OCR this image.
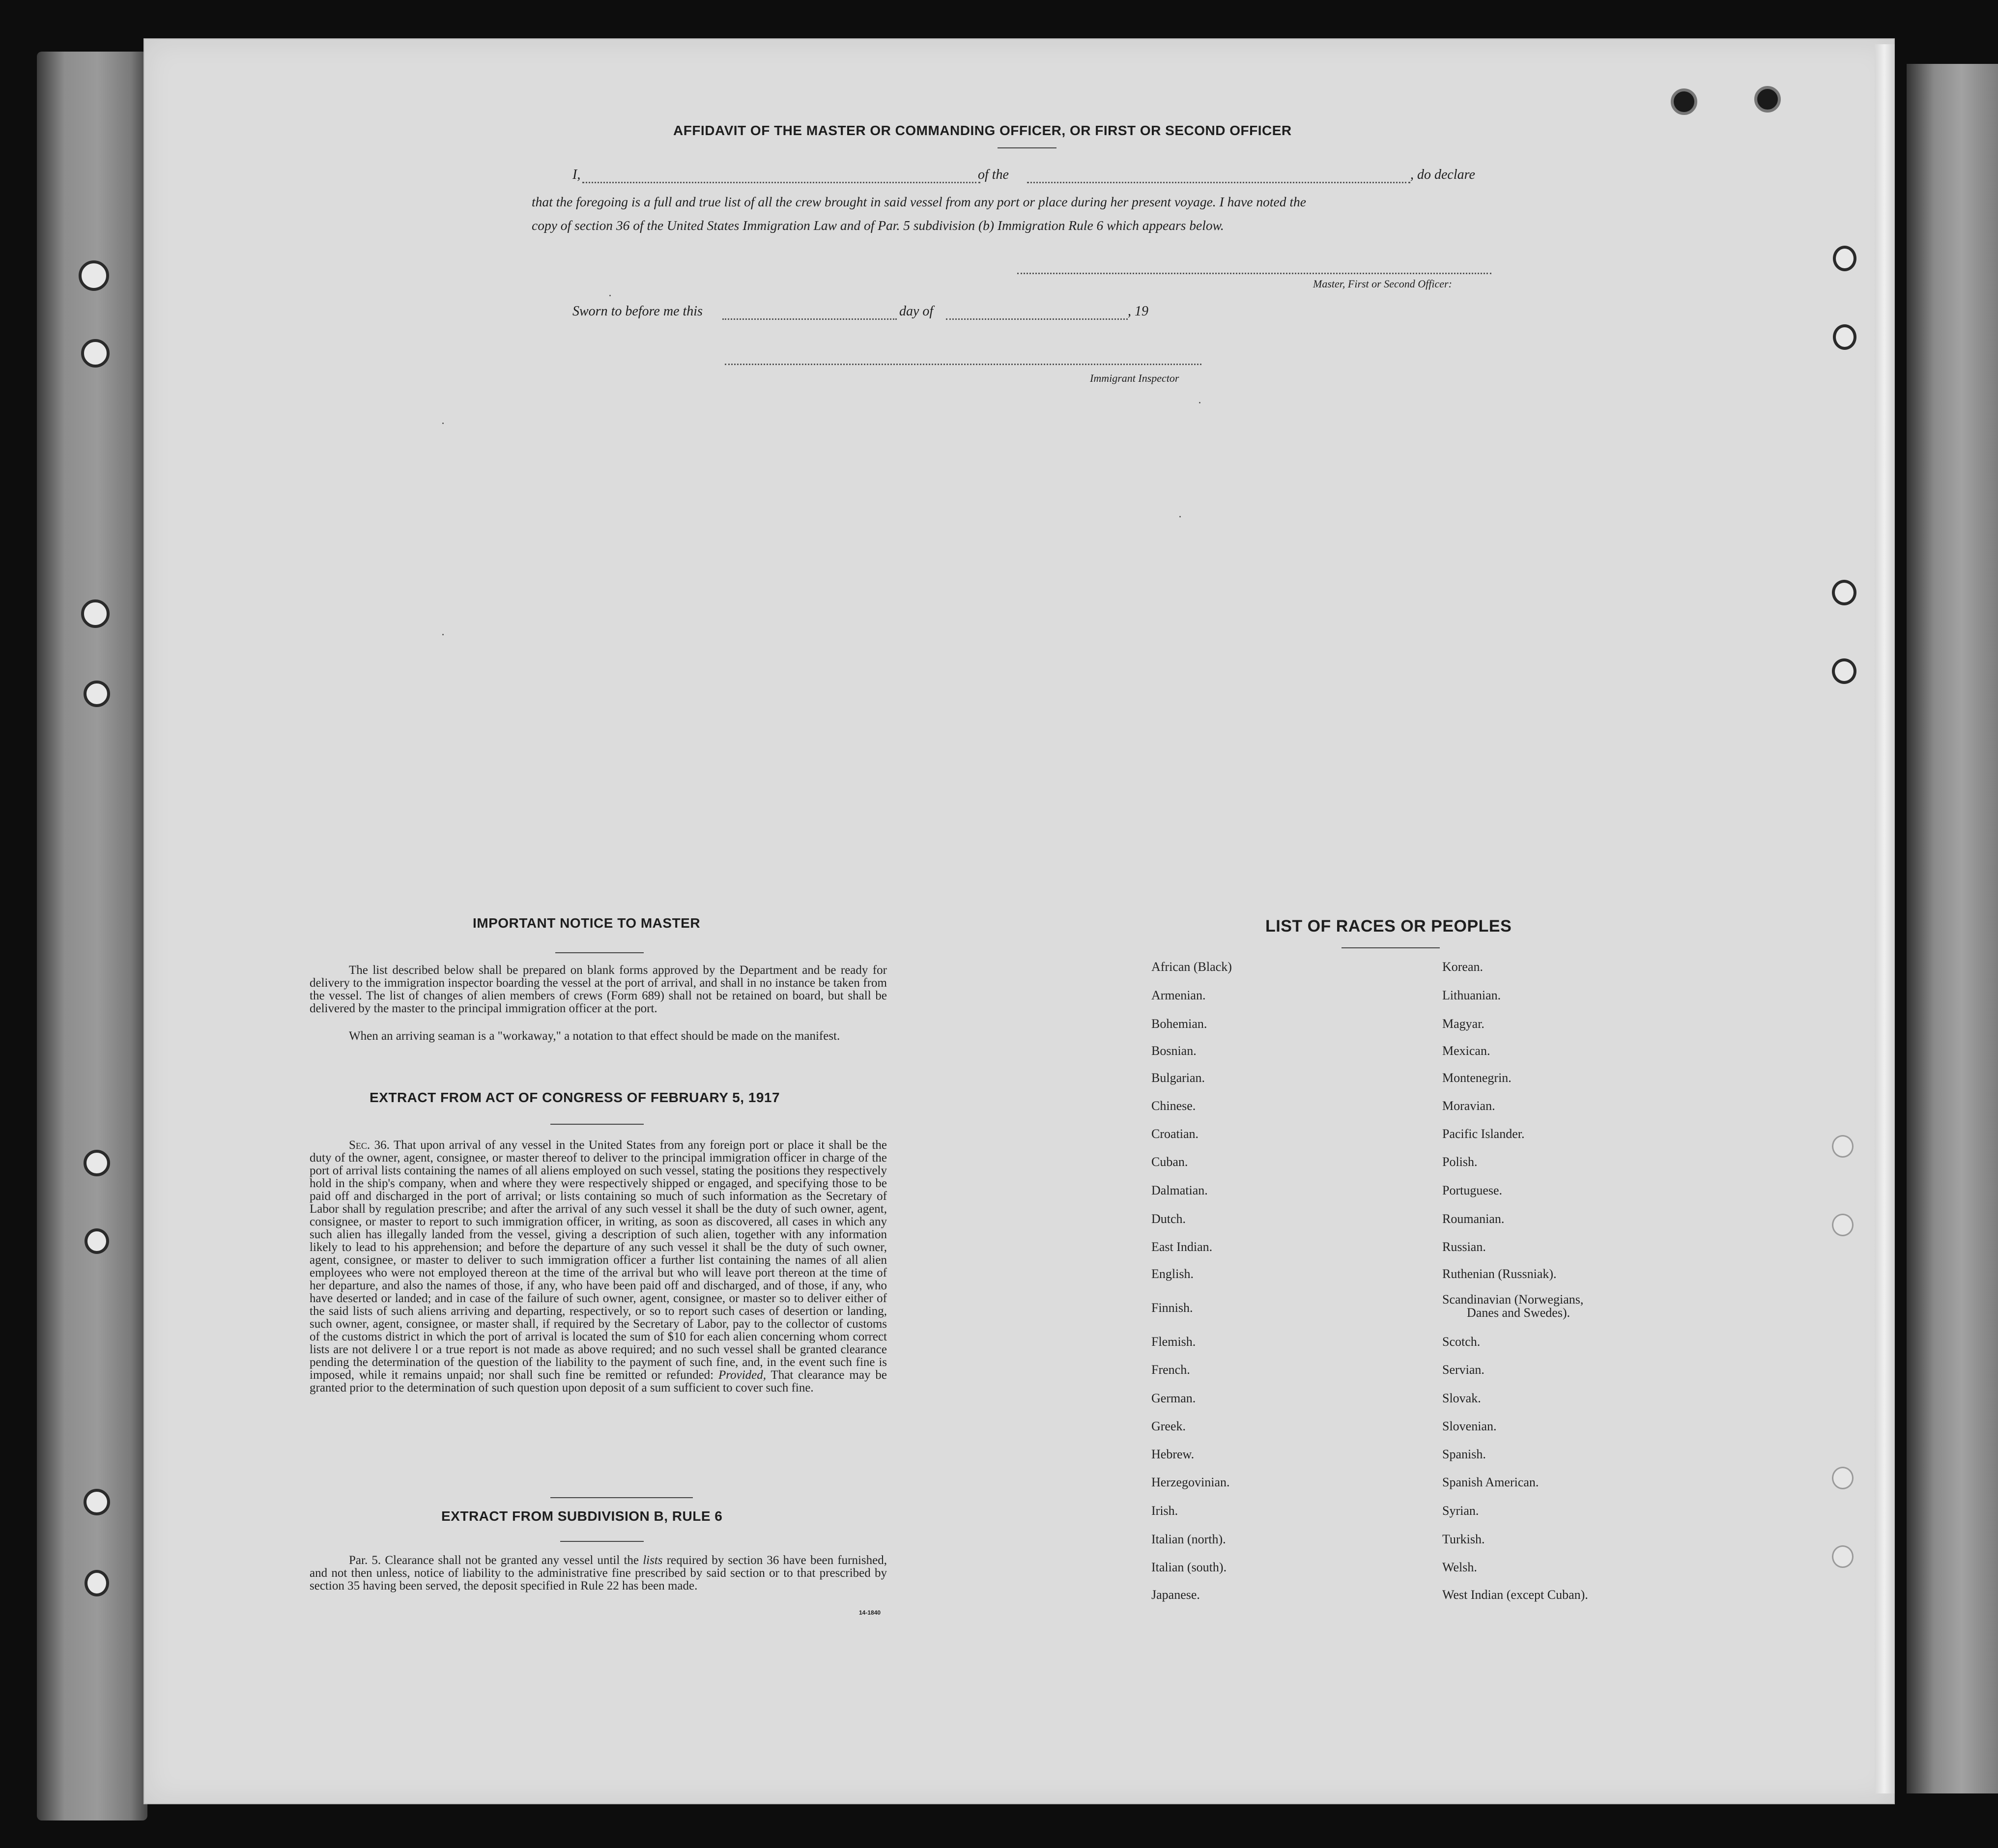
AFFIDAVIT OF THE MASTER OR COMMANDING OFFICER, OR FIRST OR SECOND OFFICER
I,	of the	, do declare
that the foregoing is a full and true list of all the crew brought in said vessel from any port or place during her present voyage. I have noted the
copy of section 36 of the United States Immigration Law and of Par. 5 subdivision (b) Immigration Rule 6 which appears below.
Master, First or Second Officer:
Sworn to before me this	day of	, 19
Immigrant Inspector
IMPORTANT NOTICE TO MASTER
The list described below shall be prepared on blank forms approved by the Department and be ready for delivery to the immigration inspector boarding the vessel at the port of arrival, and shall in no instance be taken from the vessel. The list of changes of alien members of crews (Form 689) shall not be retained on board, but shall be delivered by the master to the principal immigration officer at the port.
When an arriving seaman is a "workaway," a notation to that effect should be made on the manifest.
EXTRACT FROM ACT OF CONGRESS OF FEBRUARY 5, 1917
Sec. 36. That upon arrival of any vessel in the United States from any foreign port or place it shall be the duty of the owner, agent, consignee, or master thereof to deliver to the principal immigration officer in charge of the port of arrival lists containing the names of all aliens employed on such vessel, stating the positions they respectively hold in the ship's company, when and where they were respectively shipped or engaged, and specifying those to be paid off and discharged in the port of arrival; or lists containing so much of such information as the Secretary of Labor shall by regulation prescribe; and after the arrival of any such vessel it shall be the duty of such owner, agent, consignee, or master to report to such immigration officer, in writing, as soon as discovered, all cases in which any such alien has illegally landed from the vessel, giving a description of such alien, together with any information likely to lead to his apprehension; and before the departure of any such vessel it shall be the duty of such owner, agent, consignee, or master to deliver to such immigration officer a further list containing the names of all alien employees who were not employed thereon at the time of the arrival but who will leave port thereon at the time of her departure, and also the names of those, if any, who have been paid off and discharged, and of those, if any, who have deserted or landed; and in case of the failure of such owner, agent, consignee, or master so to deliver either of the said lists of such aliens arriving and departing, respectively, or so to report such cases of desertion or landing, such owner, agent, consignee, or master shall, if required by the Secretary of Labor, pay to the collector of customs of the customs district in which the port of arrival is located the sum of $10 for each alien concerning whom correct lists are not delivere l or a true report is not made as above required; and no such vessel shall be granted clearance pending the determination of the question of the liability to the payment of such fine, and, in the event such fine is imposed, while it remains unpaid; nor shall such fine be remitted or refunded: Provided, That clearance may be granted prior to the determination of such question upon deposit of a sum sufficient to cover such fine.
EXTRACT FROM SUBDIVISION B, RULE 6
Par. 5. Clearance shall not be granted any vessel until the lists required by section 36 have been furnished, and not then unless, notice of liability to the administrative fine prescribed by said section or to that prescribed by section 35 having been served, the deposit specified in Rule 22 has been made.
14-1840
LIST OF RACES OR PEOPLES
African (Black)
Armenian.
Bohemian.
Bosnian.
Bulgarian.
Chinese.
Croatian.
Cuban.
Dalmatian.
Dutch.
East Indian.
English.
Finnish.
Flemish.
French.
German.
Greek.
Hebrew.
Herzegovinian.
Irish.
Italian (north).
Italian (south).
Japanese.
Korean.
Lithuanian.
Magyar.
Mexican.
Montenegrin.
Moravian.
Pacific Islander.
Polish.
Portuguese.
Roumanian.
Russian.
Ruthenian (Russniak).
Scandinavian (Norwegians,
Danes and Swedes).
Scotch.
Servian.
Slovak.
Slovenian.
Spanish.
Spanish American.
Syrian.
Turkish.
Welsh.
West Indian (except Cuban).
